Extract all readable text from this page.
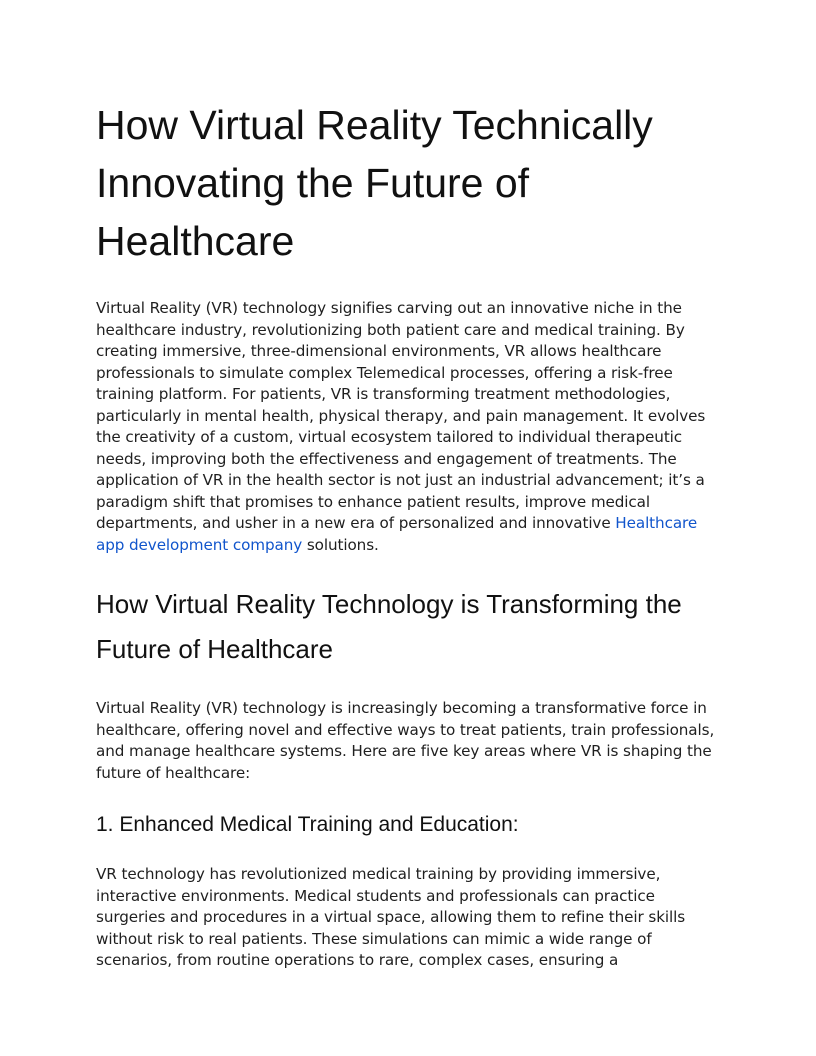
How Virtual Reality Technically Innovating the Future of Healthcare

Virtual Reality (VR) technology signifies carving out an innovative niche in the healthcare industry, revolutionizing both patient care and medical training. By creating immersive, three-dimensional environments, VR allows healthcare professionals to simulate complex Telemedical processes, offering a risk-free training platform. For patients, VR is transforming treatment methodologies, particularly in mental health, physical therapy, and pain management. It evolves the creativity of a custom, virtual ecosystem tailored to individual therapeutic needs, improving both the effectiveness and engagement of treatments. The application of VR in the health sector is not just an industrial advancement; it’s a paradigm shift that promises to enhance patient results, improve medical departments, and usher in a new era of personalized and innovative Healthcare app development company solutions.

How Virtual Reality Technology is Transforming the Future of Healthcare

Virtual Reality (VR) technology is increasingly becoming a transformative force in healthcare, offering novel and effective ways to treat patients, train professionals, and manage healthcare systems. Here are five key areas where VR is shaping the future of healthcare:

1. Enhanced Medical Training and Education:

VR technology has revolutionized medical training by providing immersive, interactive environments. Medical students and professionals can practice surgeries and procedures in a virtual space, allowing them to refine their skills without risk to real patients. These simulations can mimic a wide range of scenarios, from routine operations to rare, complex cases, ensuring a
